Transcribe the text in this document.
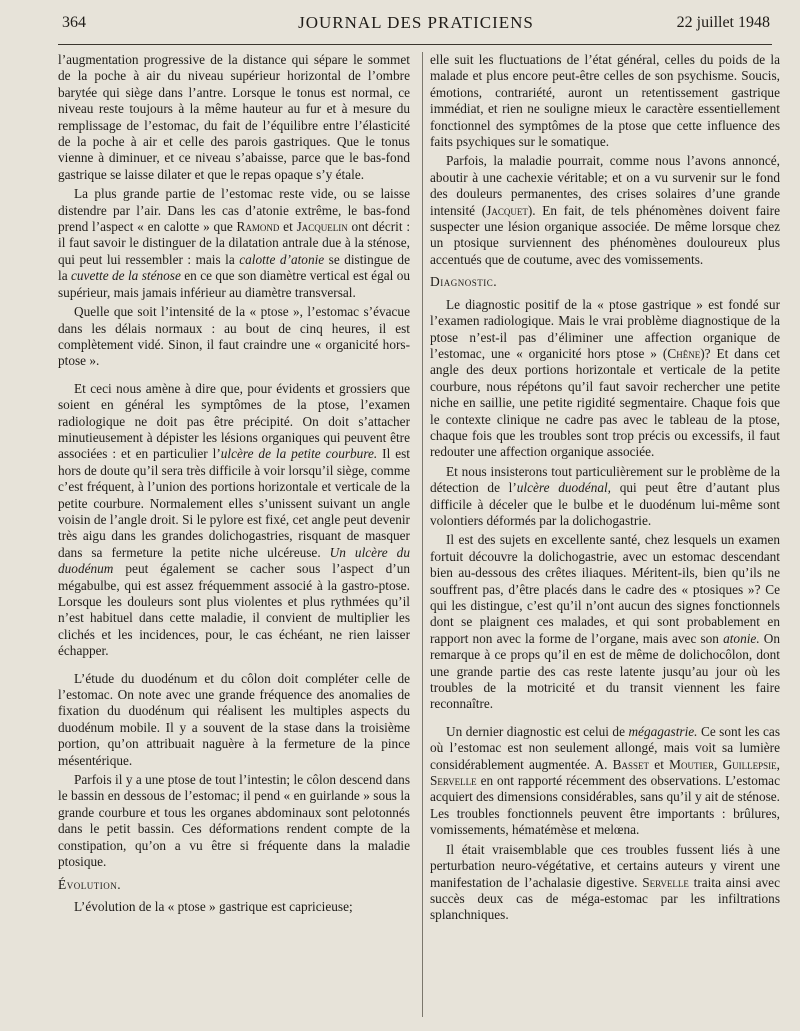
364	JOURNAL DES PRATICIENS	22 juillet 1948

l’augmentation progressive de la distance qui sépare le sommet de la poche à air du niveau supérieur horizontal de l’ombre barytée qui siège dans l’antre. Lorsque le tonus est normal, ce niveau reste toujours à la même hauteur au fur et à mesure du remplissage de l’estomac, du fait de l’équilibre entre l’élasticité de la poche à air et celle des parois gastriques. Que le tonus vienne à diminuer, et ce niveau s’abaisse, parce que le bas-fond gastrique se laisse dilater et que le repas opaque s’y étale.

La plus grande partie de l’estomac reste vide, ou se laisse distendre par l’air. Dans les cas d’atonie extrême, le bas-fond prend l’aspect « en calotte » que Ramond et Jacquelin ont décrit : il faut savoir le distinguer de la dilatation antrale due à la sténose, qui peut lui ressembler : mais la calotte d’atonie se distingue de la cuvette de la sténose en ce que son diamètre vertical est égal ou supérieur, mais jamais inférieur au diamètre transversal.

Quelle que soit l’intensité de la « ptose », l’estomac s’évacue dans les délais normaux : au bout de cinq heures, il est complètement vidé. Sinon, il faut craindre une « organicité hors-ptose ».

Et ceci nous amène à dire que, pour évidents et grossiers que soient en général les symptômes de la ptose, l’examen radiologique ne doit pas être précipité. On doit s’attacher minutieusement à dépister les lésions organiques qui peuvent être associées : et en particulier l’ulcère de la petite courbure. Il est hors de doute qu’il sera très difficile à voir lorsqu’il siège, comme c’est fréquent, à l’union des portions horizontale et verticale de la petite courbure. Normalement elles s’unissent suivant un angle voisin de l’angle droit. Si le pylore est fixé, cet angle peut devenir très aigu dans les grandes dolichogastries, risquant de masquer dans sa fermeture la petite niche ulcéreuse. Un ulcère du duodénum peut également se cacher sous l’aspect d’un mégabulbe, qui est assez fréquemment associé à la gastro-ptose. Lorsque les douleurs sont plus violentes et plus rythmées qu’il n’est habituel dans cette maladie, il convient de multiplier les clichés et les incidences, pour, le cas échéant, ne rien laisser échapper.

L’étude du duodénum et du côlon doit compléter celle de l’estomac. On note avec une grande fréquence des anomalies de fixation du duodénum qui réalisent les multiples aspects du duodénum mobile. Il y a souvent de la stase dans la troisième portion, qu’on attribuait naguère à la fermeture de la pince mésentérique.

Parfois il y a une ptose de tout l’intestin; le côlon descend dans le bassin en dessous de l’estomac; il pend « en guirlande » sous la grande courbure et tous les organes abdominaux sont pelotonnés dans le petit bassin. Ces déformations rendent compte de la constipation, qu’on a vu être si fréquente dans la maladie ptosique.

Évolution.

L’évolution de la « ptose » gastrique est capricieuse;

elle suit les fluctuations de l’état général, celles du poids de la malade et plus encore peut-être celles de son psychisme. Soucis, émotions, contrariété, auront un retentissement gastrique immédiat, et rien ne souligne mieux le caractère essentiellement fonctionnel des symptômes de la ptose que cette influence des faits psychiques sur le somatique.

Parfois, la maladie pourrait, comme nous l’avons annoncé, aboutir à une cachexie véritable; et on a vu survenir sur le fond des douleurs permanentes, des crises solaires d’une grande intensité (Jacquet). En fait, de tels phénomènes doivent faire suspecter une lésion organique associée. De même lorsque chez un ptosique surviennent des phénomènes douloureux plus accentués que de coutume, avec des vomissements.

Diagnostic.

Le diagnostic positif de la « ptose gastrique » est fondé sur l’examen radiologique. Mais le vrai problème diagnostique de la ptose n’est-il pas d’éliminer une affection organique de l’estomac, une « organicité hors ptose » (Chêne)? Et dans cet angle des deux portions horizontale et verticale de la petite courbure, nous répétons qu’il faut savoir rechercher une petite niche en saillie, une petite rigidité segmentaire. Chaque fois que le contexte clinique ne cadre pas avec le tableau de la ptose, chaque fois que les troubles sont trop précis ou excessifs, il faut redouter une affection organique associée.

Et nous insisterons tout particulièrement sur le problème de la détection de l’ulcère duodénal, qui peut être d’autant plus difficile à déceler que le bulbe et le duodénum lui-même sont volontiers déformés par la dolichogastrie.

Il est des sujets en excellente santé, chez lesquels un examen fortuit découvre la dolichogastrie, avec un estomac descendant bien au-dessous des crêtes iliaques. Méritent-ils, bien qu’ils ne souffrent pas, d’être placés dans le cadre des « ptosiques »? Ce qui les distingue, c’est qu’il n’ont aucun des signes fonctionnels dont se plaignent ces malades, et qui sont probablement en rapport non avec la forme de l’organe, mais avec son atonie. On remarque à ce props qu’il en est de même de dolichocôlon, dont une grande partie des cas reste latente jusqu’au jour où les troubles de la motricité et du transit viennent les faire reconnaître.

Un dernier diagnostic est celui de mégagastrie. Ce sont les cas où l’estomac est non seulement allongé, mais voit sa lumière considérablement augmentée. A. Basset et Moutier, Guillepsie, Servelle en ont rapporté récemment des observations. L’estomac acquiert des dimensions considérables, sans qu’il y ait de sténose. Les troubles fonctionnels peuvent être importants : brûlures, vomissements, hématémèse et melœna.

Il était vraisemblable que ces troubles fussent liés à une perturbation neuro-végétative, et certains auteurs y virent une manifestation de l’achalasie digestive. Servelle traita ainsi avec succès deux cas de méga-estomac par les infiltrations splanchniques.
